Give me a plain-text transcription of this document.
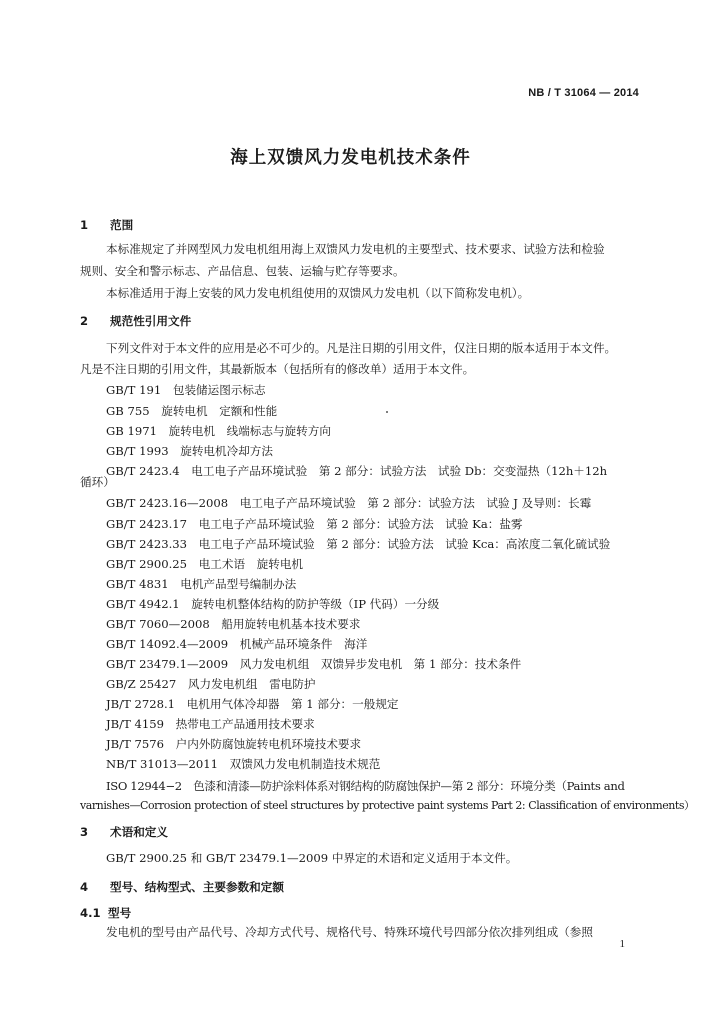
NB / T 31064 — 2014
海上双馈风力发电机技术条件
1 范围
本标准规定了并网型风力发电机组用海上双馈风力发电机的主要型式、技术要求、试验方法和检验
规则、安全和警示标志、产品信息、包装、运输与贮存等要求。
本标准适用于海上安装的风力发电机组使用的双馈风力发电机（以下简称发电机）。
2 规范性引用文件
下列文件对于本文件的应用是必不可少的。凡是注日期的引用文件，仅注日期的版本适用于本文件。
凡是不注日期的引用文件，其最新版本（包括所有的修改单）适用于本文件。
GB/T 191　 包装储运图示标志
GB 755　 旋转电机　定额和性能
GB 1971　 旋转电机　线端标志与旋转方向
GB/T 1993　 旋转电机冷却方法
GB/T 2423.4　 电工电子产品环境试验　第 2 部分：试验方法　试验 Db：交变湿热（12h＋12h
循环）
GB/T 2423.16—2008　 电工电子产品环境试验　第 2 部分：试验方法　试验 J 及导则：长霉
GB/T 2423.17　 电工电子产品环境试验　第 2 部分：试验方法　试验 Ka：盐雾
GB/T 2423.33　 电工电子产品环境试验　第 2 部分：试验方法　试验 Kca：高浓度二氧化硫试验
GB/T 2900.25　 电工术语　旋转电机
GB/T 4831　 电机产品型号编制办法
GB/T 4942.1　 旋转电机整体结构的防护等级（IP 代码）一分级
GB/T 7060—2008　 船用旋转电机基本技术要求
GB/T 14092.4—2009　 机械产品环境条件　海洋
GB/T 23479.1—2009　 风力发电机组　双馈异步发电机　第 1 部分：技术条件
GB/Z 25427　 风力发电机组　雷电防护
JB/T 2728.1　 电机用气体冷却器　第 1 部分：一般规定
JB/T 4159　 热带电工产品通用技术要求
JB/T 7576　 户内外防腐蚀旋转电机环境技术要求
NB/T 31013—2011　 双馈风力发电机制造技术规范
ISO 12944−2　 色漆和清漆—防护涂料体系对钢结构的防腐蚀保护—第 2 部分：环境分类（Paints and
varnishes—Corrosion protection of steel structures by protective paint systems Part 2: Classification of environments）
3 术语和定义
GB/T 2900.25 和 GB/T 23479.1—2009 中界定的术语和定义适用于本文件。
4 型号、结构型式、主要参数和定额
4.1 型号
发电机的型号由产品代号、冷却方式代号、规格代号、特殊环境代号四部分依次排列组成（参照
1
